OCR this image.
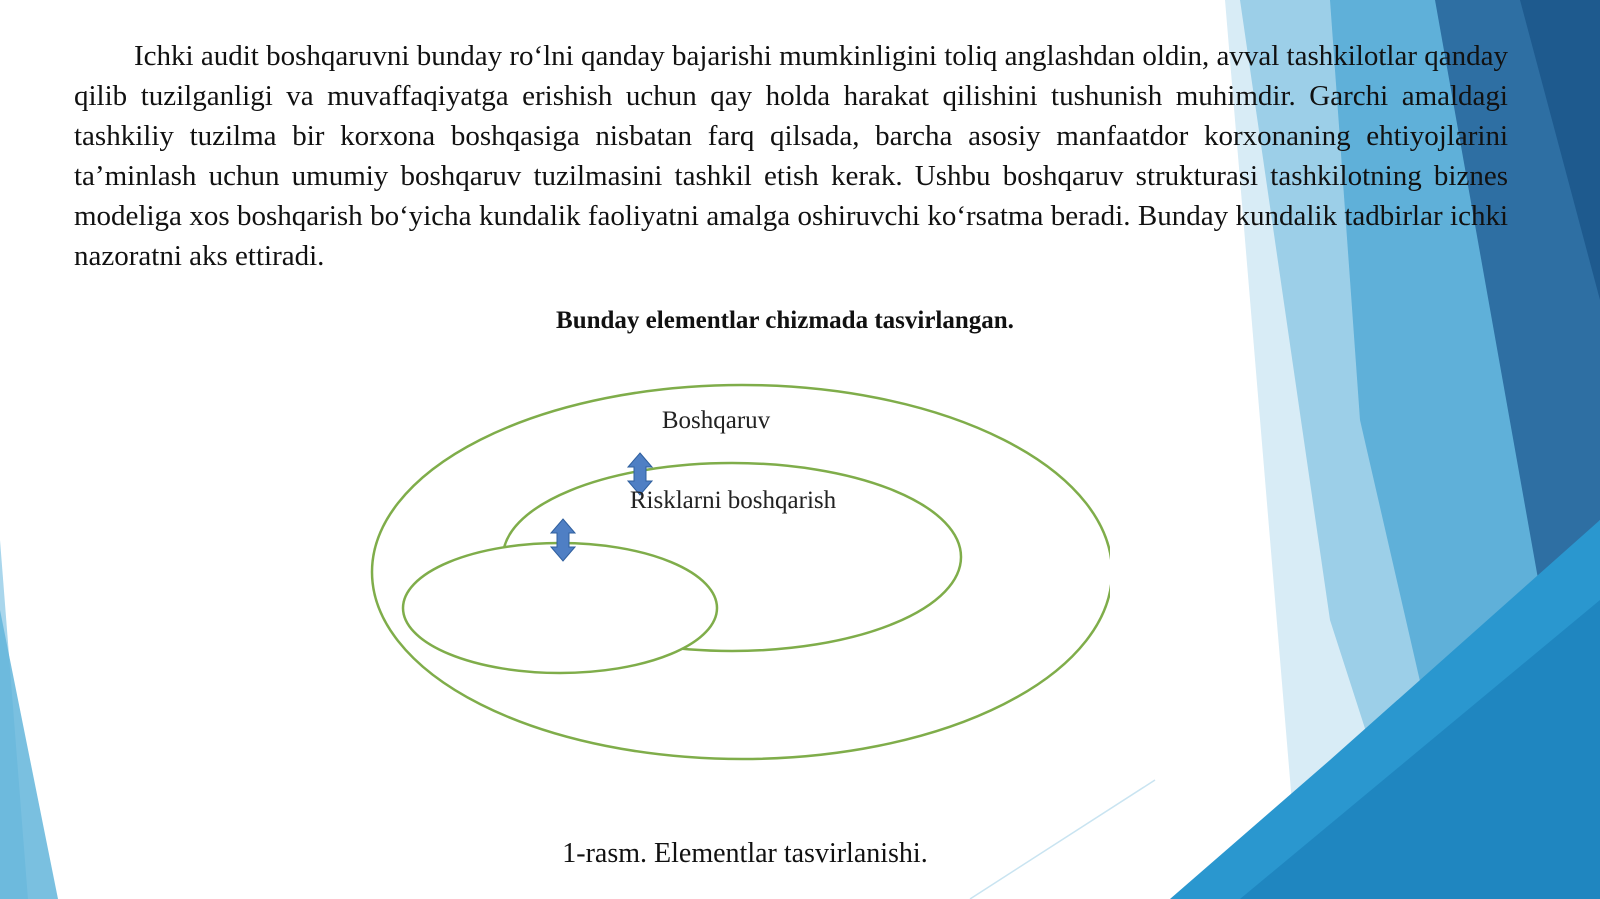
Ichki audit boshqaruvni bunday roʻlni qanday bajarishi mumkinligini toliq anglashdan oldin, avval tashkilotlar qanday qilib tuzilganligi va muvaffaqiyatga erishish uchun qay holda harakat qilishini tushunish muhimdir. Garchi amaldagi tashkiliy tuzilma bir korxona boshqasiga nisbatan farq qilsada, barcha asosiy manfaatdor korxonaning ehtiyojlarini taʼminlash uchun umumiy boshqaruv tuzilmasini tashkil etish kerak. Ushbu boshqaruv strukturasi tashkilotning biznes modeliga xos boshqarish boʻyicha kundalik faoliyatni amalga oshiruvchi koʻrsatma beradi. Bunday kundalik tadbirlar ichki nazoratni aks ettiradi.

Bunday elementlar chizmada tasvirlangan.
Boshqaruv
Risklarni boshqarish
1-rasm. Elementlar tasvirlanishi.
